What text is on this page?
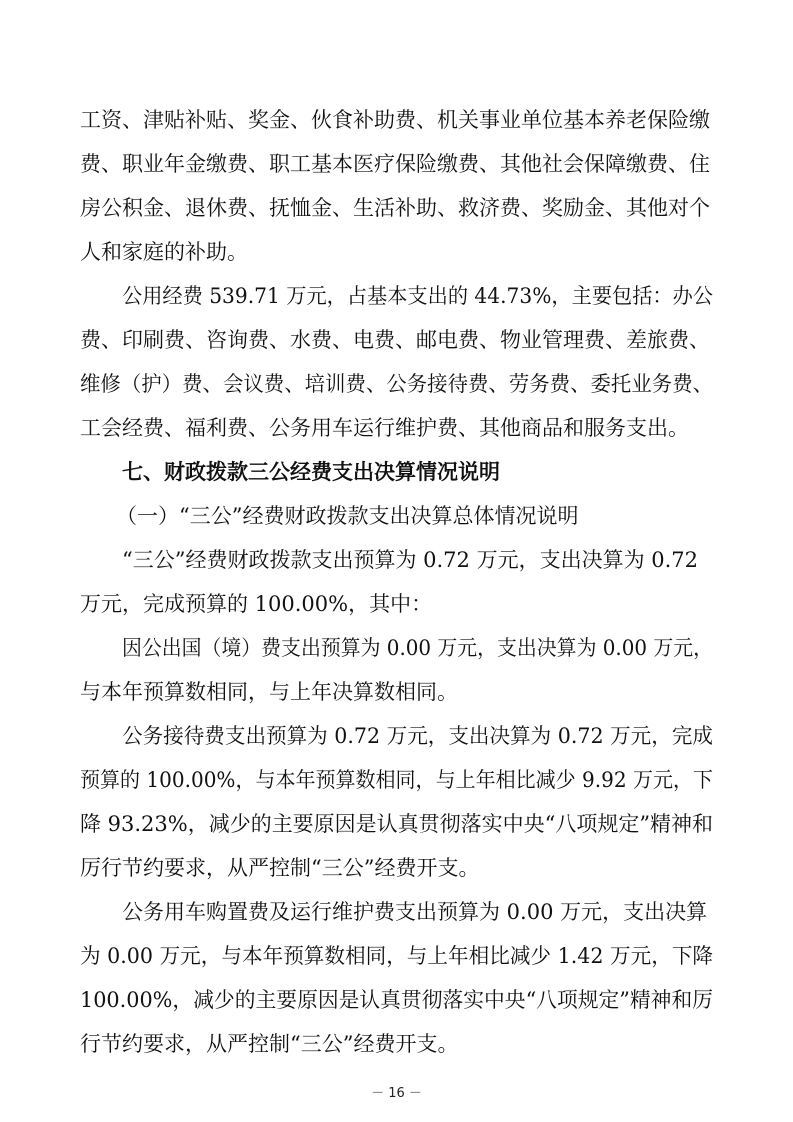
工资、津贴补贴、奖金、伙食补助费、机关事业单位基本养老保险缴
费、职业年金缴费、职工基本医疗保险缴费、其他社会保障缴费、住
房公积金、退休费、抚恤金、生活补助、救济费、奖励金、其他对个
人和家庭的补助。
公用经费 539.71 万元，占基本支出的 44.73%，主要包括：办公
费、印刷费、咨询费、水费、电费、邮电费、物业管理费、差旅费、
维修（护）费、会议费、培训费、公务接待费、劳务费、委托业务费、
工会经费、福利费、公务用车运行维护费、其他商品和服务支出。
七、财政拨款三公经费支出决算情况说明
（一）“三公”经费财政拨款支出决算总体情况说明
“三公”经费财政拨款支出预算为 0.72 万元，支出决算为 0.72
万元，完成预算的 100.00%，其中：
因公出国（境）费支出预算为 0.00 万元，支出决算为 0.00 万元，
与本年预算数相同，与上年决算数相同。
公务接待费支出预算为 0.72 万元，支出决算为 0.72 万元，完成
预算的 100.00%，与本年预算数相同，与上年相比减少 9.92 万元，下
降 93.23%，减少的主要原因是认真贯彻落实中央“八项规定”精神和
厉行节约要求，从严控制“三公”经费开支。
公务用车购置费及运行维护费支出预算为 0.00 万元，支出决算
为 0.00 万元，与本年预算数相同，与上年相比减少 1.42 万元，下降
100.00%，减少的主要原因是认真贯彻落实中央“八项规定”精神和厉
行节约要求，从严控制“三公”经费开支。
－ 16 －
